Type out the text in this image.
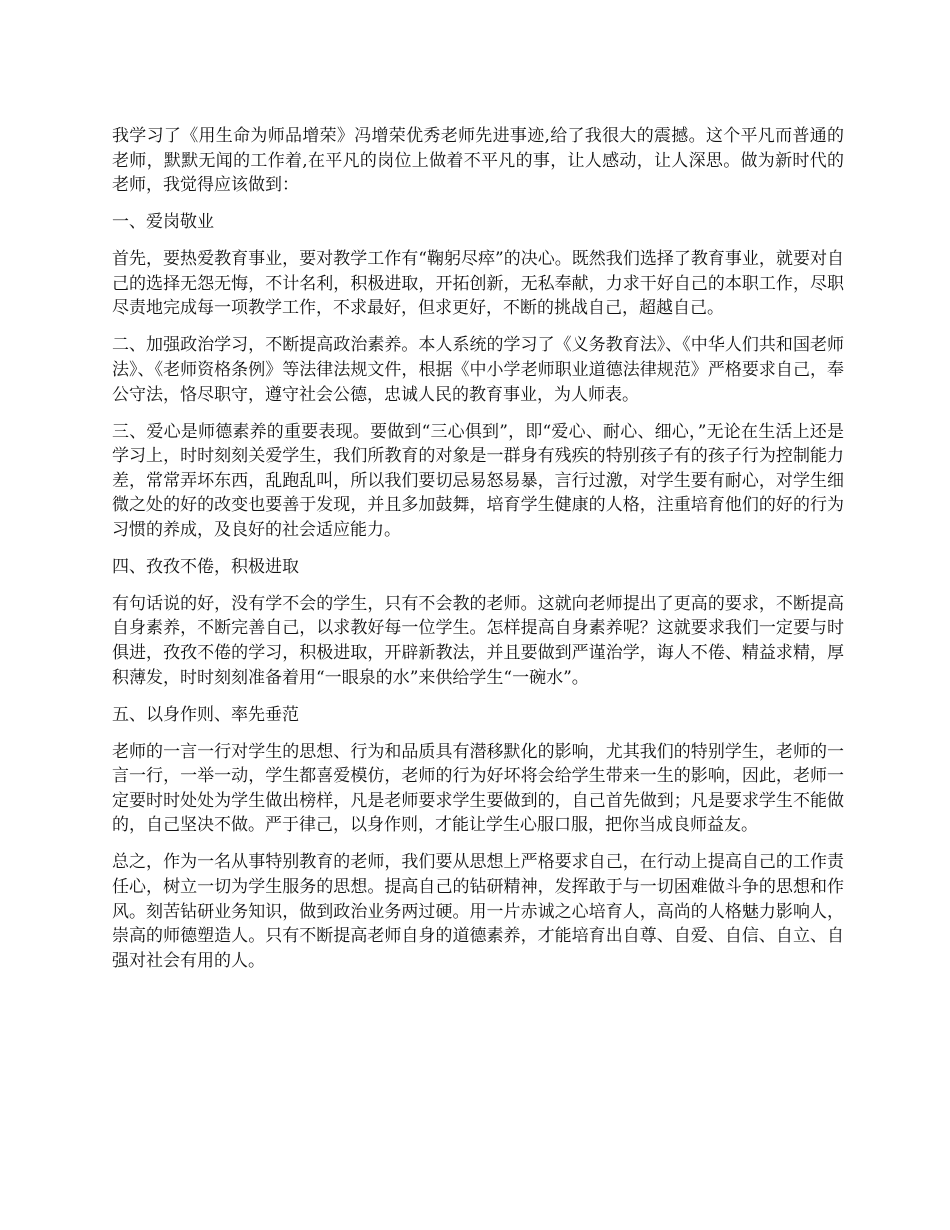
我学习了《用生命为师品增荣》冯增荣优秀老师先进事迹,给了我很大的震撼。这个平凡而普通的老师，默默无闻的工作着,在平凡的岗位上做着不平凡的事，让人感动，让人深思。做为新时代的老师，我觉得应该做到：

一、爱岗敬业

首先，要热爱教育事业，要对教学工作有“鞠躬尽瘁”的决心。既然我们选择了教育事业，就要对自己的选择无怨无悔，不计名利，积极进取，开拓创新，无私奉献，力求干好自己的本职工作，尽职尽责地完成每一项教学工作，不求最好，但求更好，不断的挑战自己，超越自己。

二、加强政治学习，不断提高政治素养。本人系统的学习了《义务教育法》、《中华人们共和国老师法》、《老师资格条例》等法律法规文件，根据《中小学老师职业道德法律规范》严格要求自己，奉公守法，恪尽职守，遵守社会公德，忠诚人民的教育事业，为人师表。

三、爱心是师德素养的重要表现。要做到“三心俱到”，即“爱心、耐心、细心，”无论在生活上还是学习上，时时刻刻关爱学生，我们所教育的对象是一群身有残疾的特别孩子有的孩子行为控制能力差，常常弄坏东西，乱跑乱叫，所以我们要切忌易怒易暴，言行过激，对学生要有耐心，对学生细微之处的好的改变也要善于发现，并且多加鼓舞，培育学生健康的人格，注重培育他们的好的行为习惯的养成，及良好的社会适应能力。

四、孜孜不倦，积极进取

有句话说的好，没有学不会的学生，只有不会教的老师。这就向老师提出了更高的要求，不断提高自身素养，不断完善自己，以求教好每一位学生。怎样提高自身素养呢？这就要求我们一定要与时俱进，孜孜不倦的学习，积极进取，开辟新教法，并且要做到严谨治学，诲人不倦、精益求精，厚积薄发，时时刻刻准备着用“一眼泉的水”来供给学生“一碗水”。

五、以身作则、率先垂范

老师的一言一行对学生的思想、行为和品质具有潜移默化的影响，尤其我们的特别学生，老师的一言一行，一举一动，学生都喜爱模仿，老师的行为好坏将会给学生带来一生的影响，因此，老师一定要时时处处为学生做出榜样，凡是老师要求学生要做到的，自己首先做到；凡是要求学生不能做的，自己坚决不做。严于律己，以身作则，才能让学生心服口服，把你当成良师益友。

总之，作为一名从事特别教育的老师，我们要从思想上严格要求自己，在行动上提高自己的工作责任心，树立一切为学生服务的思想。提高自己的钻研精神，发挥敢于与一切困难做斗争的思想和作风。刻苦钻研业务知识，做到政治业务两过硬。用一片赤诚之心培育人，高尚的人格魅力影响人，崇高的师德塑造人。只有不断提高老师自身的道德素养，才能培育出自尊、自爱、自信、自立、自强对社会有用的人。
